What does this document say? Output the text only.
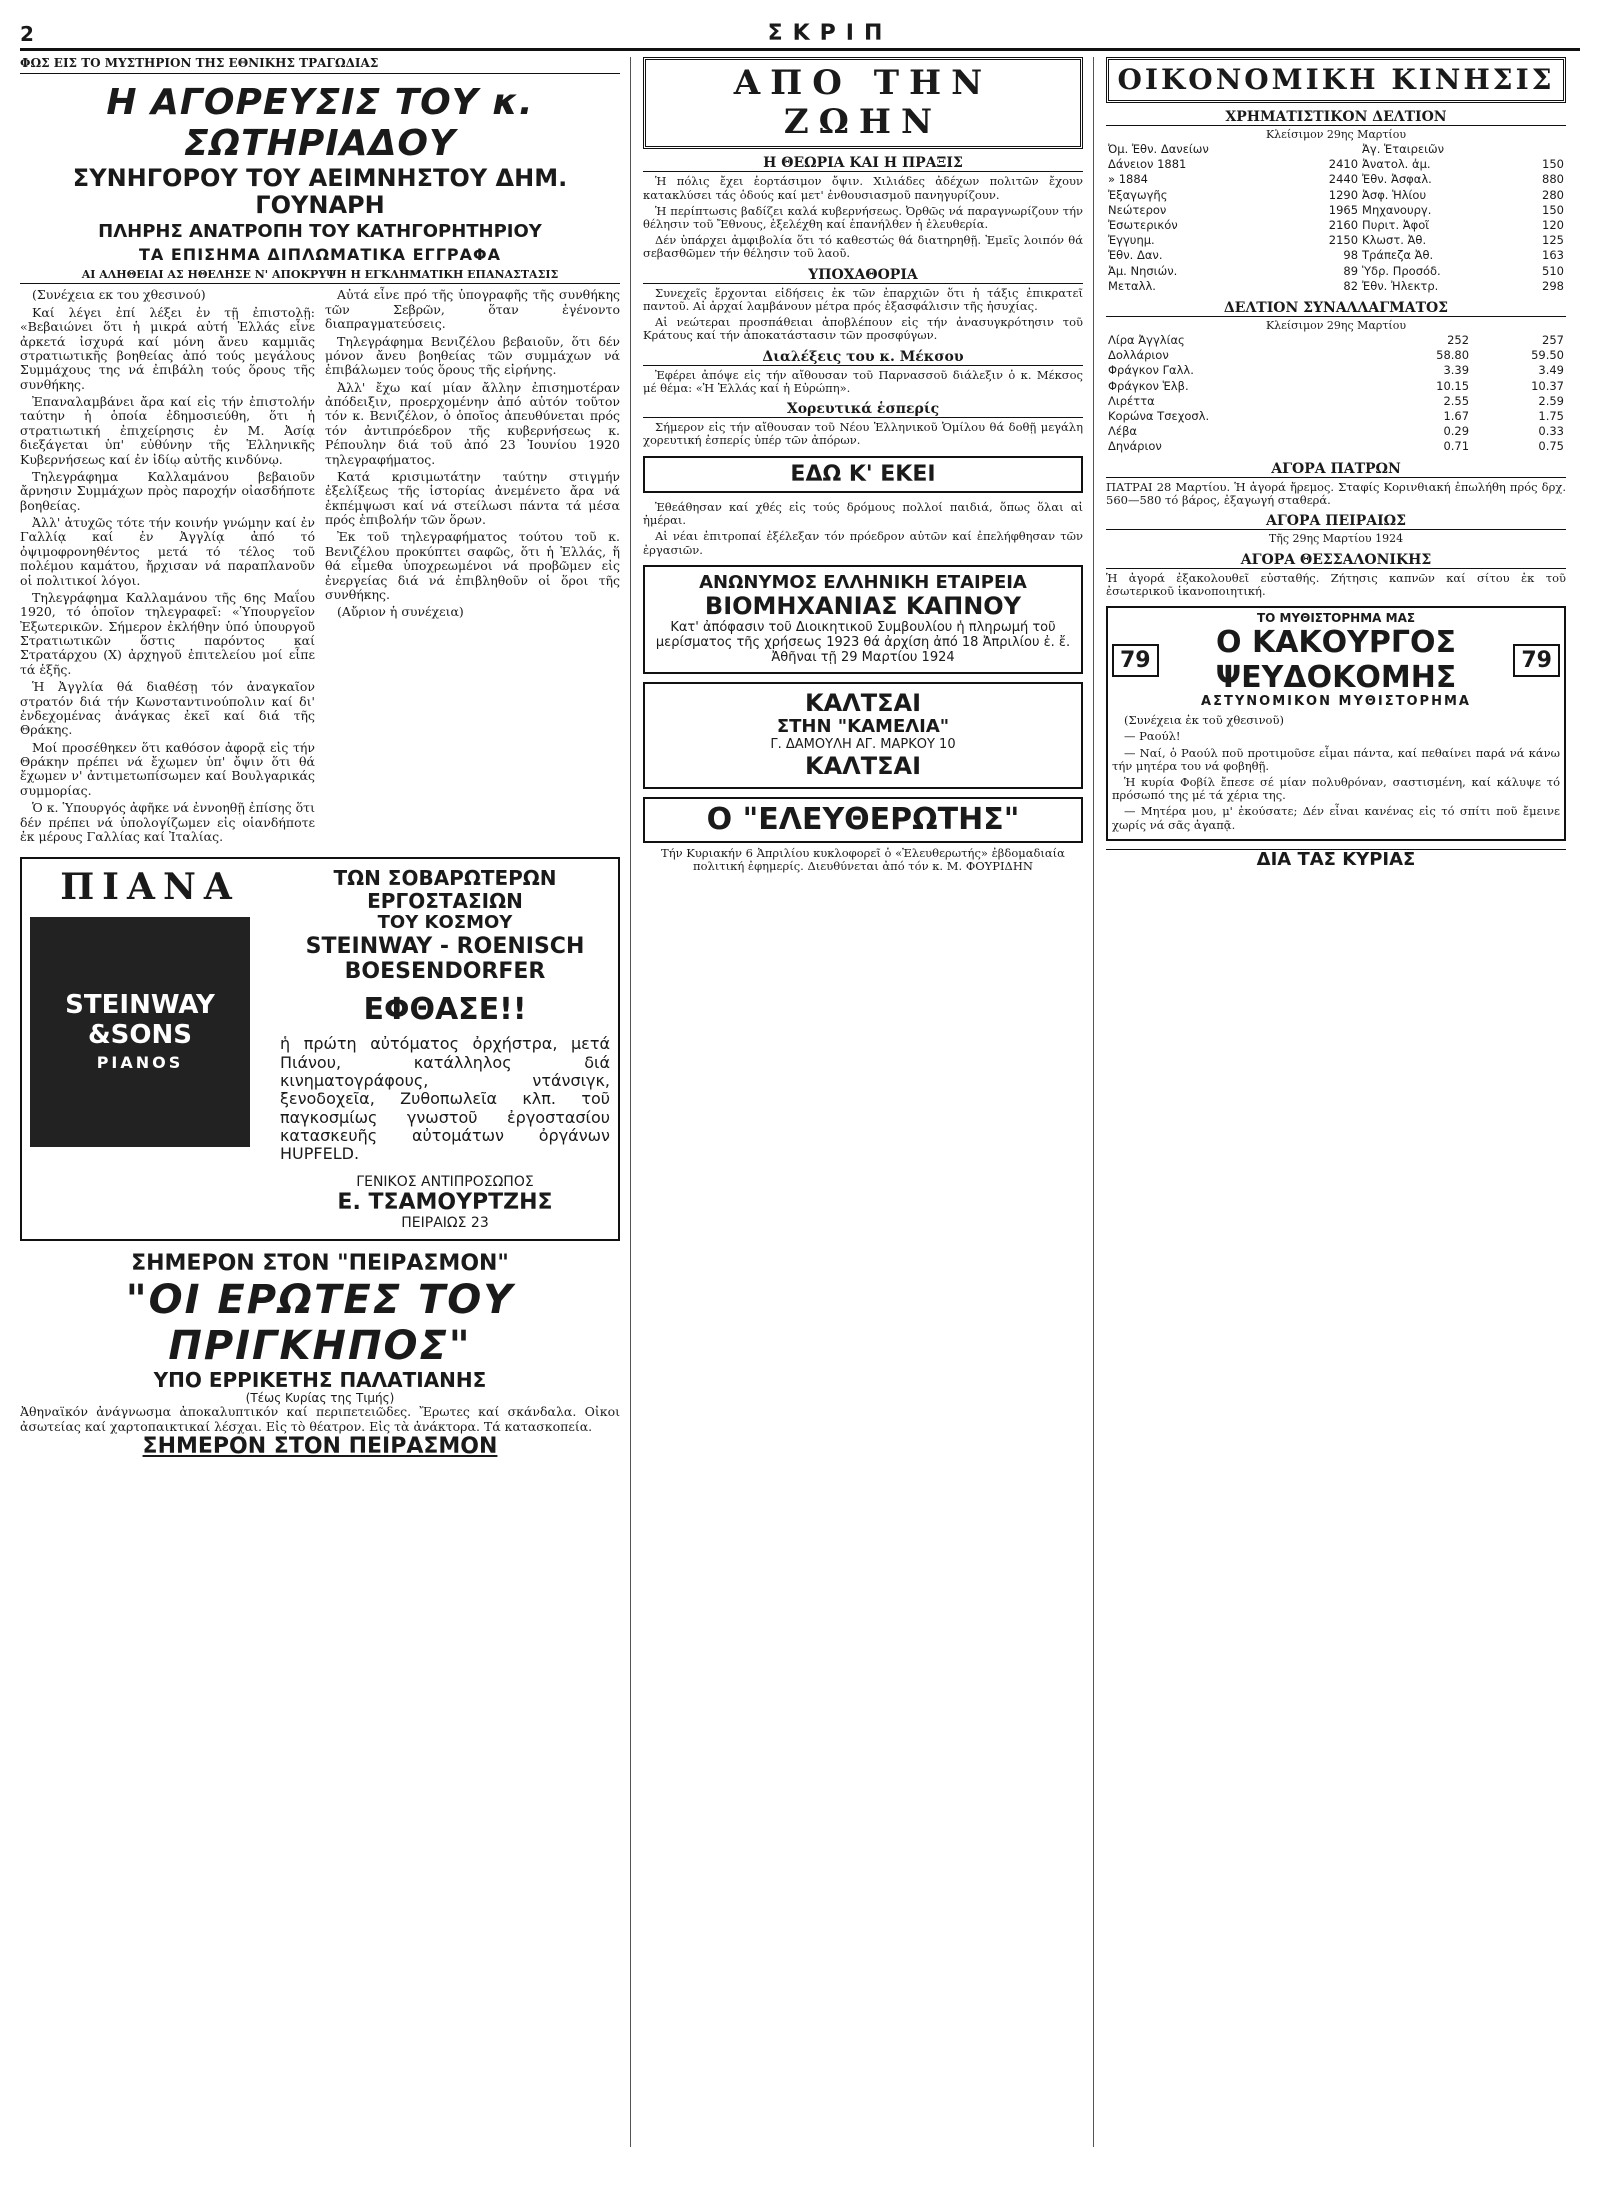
2	ΣΚΡΙΠ
ΦΩΣ ΕΙΣ ΤΟ ΜΥΣΤΗΡΙΟΝ ΤΗΣ ΕΘΝΙΚΗΣ ΤΡΑΓΩΔΙΑΣ
Η ΑΓΟΡΕΥΣΙΣ ΤΟΥ κ. ΣΩΤΗΡΙΑΔΟΥ
ΣΥΝΗΓΟΡΟΥ ΤΟΥ ΑΕΙΜΝΗΣΤΟΥ ΔΗΜ. ΓΟΥΝΑΡΗ
ΠΛΗΡΗΣ ΑΝΑΤΡΟΠΗ ΤΟΥ ΚΑΤΗΓΟΡΗΤΗΡΙΟΥ
ΤΑ ΕΠΙΣΗΜΑ ΔΙΠΛΩΜΑΤΙΚΑ ΕΓΓΡΑΦΑ
ΑΙ ΑΛΗΘΕΙΑΙ ΑΣ ΗΘΕΛΗΣΕ Ν' ΑΠΟΚΡΥΨΗ Η ΕΓΚΛΗΜΑΤΙΚΗ ΕΠΑΝΑΣΤΑΣΙΣ

(Συνέχεια εκ του χθεσινού)

Καί λέγει ἐπί λέξει ἐν τῇ ἐπιστολῇ: «Βεβαιώνει ὅτι ἡ μικρά αὐτή Ἑλλάς εἶνε ἀρκετά ἰσχυρά καί μόνη ἄνευ καμμιᾶς στρατιωτικῆς βοηθείας ἀπό τούς μεγάλους Συμμάχους της νά ἐπιβάλη τούς ὅρους τῆς συνθήκης.

Ἐπαναλαμβάνει ἄρα καί εἰς τήν ἐπιστολήν ταύτην ἡ ὁποία ἐδημοσιεύθη, ὅτι ἡ στρατιωτική ἐπιχείρησις ἐν Μ. Ἀσίᾳ διεξάγεται ὑπ' εὐθύνην τῆς Ἑλληνικῆς Κυβερνήσεως καί ἐν ἰδίῳ αὐτῆς κινδύνῳ.

Τηλεγράφημα Καλλαμάνου βεβαιοῦν ἄρνησιν Συμμάχων πρὸς παροχήν οἰασδήποτε βοηθείας.

Ἀλλ' ἀτυχῶς τότε τήν κοινήν γνώμην καί ἐν Γαλλίᾳ καί ἐν Ἀγγλίᾳ ἀπό τό ὀψιμοφρονηθέντος μετά τό τέλος τοῦ πολέμου καμάτου, ἤρχισαν νά παραπλανοῦν οἱ πολιτικοί λόγοι.

Τηλεγράφημα Καλλαμάνου τῆς 6ης Μαΐου 1920, τό ὁποῖον τηλεγραφεῖ: «Ὑπουργεῖον Ἐξωτερικῶν. Σήμερον ἐκλήθην ὑπό ὑπουργοῦ Στρατιωτικῶν ὅστις παρόντος καί Στρατάρχου (Χ) ἀρχηγοῦ ἐπιτελείου μοί εἶπε τά ἑξῆς.

Ἡ Ἀγγλία θά διαθέσῃ τόν ἀναγκαῖον στρατόν διά τήν Κωνσταντινούπολιν καί δι' ἐνδεχομένας ἀνάγκας ἐκεῖ καί διά τῆς Θράκης.

Μοί προσέθηκεν ὅτι καθόσον ἀφορᾷ εἰς τήν Θράκην πρέπει νά ἔχωμεν ὑπ' ὄψιν ὅτι θά ἔχωμεν ν' ἀντιμετωπίσωμεν καί Βουλγαρικάς συμμορίας.

Ὁ κ. Ὑπουργός ἀφῆκε νά ἐννοηθῇ ἐπίσης ὅτι δέν πρέπει νά ὑπολογίζωμεν εἰς οἱανδήποτε ἐκ μέρους Γαλλίας καί Ἰταλίας.

Αὐτά εἶνε πρό τῆς ὑπογραφῆς τῆς συνθήκης τῶν Σεβρῶν, ὅταν ἐγένοντο διαπραγματεύσεις.

Τηλεγράφημα Βενιζέλου βεβαιοῦν, ὅτι δέν μόνον ἄνευ βοηθείας τῶν συμμάχων νά ἐπιβάλωμεν τούς ὅρους τῆς εἰρήνης.

Ἀλλ' ἔχω καί μίαν ἄλλην ἐπισημοτέραν ἀπόδειξιν, προερχομένην ἀπό αὐτόν τοῦτον τόν κ. Βενιζέλον, ὁ ὁποῖος ἀπευθύνεται πρός τόν ἀντιπρόεδρον τῆς κυβερνήσεως κ. Ρέπουλην διά τοῦ ἀπό 23 Ἰουνίου 1920 τηλεγραφήματος.

Κατά κρισιμωτάτην ταύτην στιγμήν ἐξελίξεως τῆς ἱστορίας ἀνεμένετο ἄρα νά ἐκπέμψωσι καί νά στείλωσι πάντα τά μέσα πρός ἐπιβολήν τῶν ὅρων.

Ἐκ τοῦ τηλεγραφήματος τούτου τοῦ κ. Βενιζέλου προκύπτει σαφῶς, ὅτι ἡ Ἑλλάς, ἥ θά εἶμεθα ὑποχρεωμένοι νά προβῶμεν εἰς ἐνεργείας διά νά ἐπιβληθοῦν οἱ ὅροι τῆς συνθήκης.

(Αὔριον ἡ συνέχεια)

ΠΙΑΝΑ
STEINWAY
&SONS
PIANOS
ΤΩΝ ΣΟΒΑΡΩΤΕΡΩΝ ΕΡΓΟΣΤΑΣΙΩΝ
ΤΟΥ ΚΟΣΜΟΥ
STEINWAY - ROENISCH BOESENDORFER
ΕΦΘΑΣΕ!!
ἡ πρώτη αὐτόματος ὀρχήστρα, μετά Πιάνου, κατάλληλος διά κινηματογράφους, ντάνσιγκ, ξενοδοχεῖα, Ζυθοπωλεῖα κλπ. τοῦ παγκοσμίως γνωστοῦ ἐργοστασίου κατασκευῆς αὐτομάτων ὀργάνων HUPFELD.
ΓΕΝΙΚΟΣ ΑΝΤΙΠΡΟΣΩΠΟΣ
Ε. ΤΣΑΜΟΥΡΤΖΗΣ
ΠΕΙΡΑΙΩΣ 23
ΣΗΜΕΡΟΝ ΣΤΟΝ "ΠΕΙΡΑΣΜΟΝ"
"ΟΙ ΕΡΩΤΕΣ ΤΟΥ ΠΡΙΓΚΗΠΟΣ"
ΥΠΟ ΕΡΡΙΚΕΤΗΣ ΠΑΛΑΤΙΑΝΗΣ
(Τέως Κυρίας της Τιμής)
Ἀθηναϊκόν ἀνάγνωσμα ἀποκαλυπτικόν καί περιπετειῶδες. Ἔρωτες καί σκάνδαλα. Οἰκοι ἀσωτείας καί χαρτοπαικτικαί λέσχαι. Εἰς τὸ θέατρον. Εἰς τὰ ἀνάκτορα. Τά κατασκοπεία.
ΣΗΜΕΡΟΝ ΣΤΟΝ ΠΕΙΡΑΣΜΟΝ
ΑΠΟ ΤΗΝ ΖΩΗΝ
Η ΘΕΩΡΙΑ ΚΑΙ Η ΠΡΑΞΙΣ

Ἡ πόλις ἔχει ἑορτάσιμον ὄψιν. Χιλιάδες ἀδέχων πολιτῶν ἔχουν κατακλύσει τάς ὁδούς καί μετ' ἐνθουσιασμοῦ πανηγυρίζουν.

Ἡ περίπτωσις βαδίζει καλά κυβερνήσεως. Ὀρθῶς νά παραγνωρίζουν τήν θέλησιν τοῦ Ἔθνους, ἐξελέχθη καί ἐπανήλθεν ἡ ἐλευθερία.

Δέν ὑπάρχει ἀμφιβολία ὅτι τό καθεστώς θά διατηρηθῇ. Ἐμεῖς λοιπόν θά σεβασθῶμεν τήν θέλησιν τοῦ λαοῦ.

ΥΠΟΧΑΘΟΡΙΑ

Συνεχεῖς ἔρχονται εἰδήσεις ἐκ τῶν ἐπαρχιῶν ὅτι ἡ τάξις ἐπικρατεῖ παντοῦ. Αἱ ἀρχαί λαμβάνουν μέτρα πρός ἐξασφάλισιν τῆς ἡσυχίας.

Αἱ νεώτεραι προσπάθειαι ἀποβλέπουν εἰς τήν ἀνασυγκρότησιν τοῦ Κράτους καί τήν ἀποκατάστασιν τῶν προσφύγων.

Διαλέξεις του κ. Μέκσου

Ἐφέρει ἀπόψε εἰς τήν αἴθουσαν τοῦ Παρνασσοῦ διάλεξιν ὁ κ. Μέκσος μέ θέμα: «Ἡ Ἑλλάς καί ἡ Εὐρώπη».

Χορευτικά ἑσπερίς

Σήμερον εἰς τήν αἴθουσαν τοῦ Νέου Ἑλληνικοῦ Ὁμίλου θά δοθῇ μεγάλη χορευτική ἑσπερίς ὑπέρ τῶν ἀπόρων.

ΕΔΩ Κ' ΕΚΕΙ

Ἐθεάθησαν καί χθές εἰς τούς δρόμους πολλοί παιδιά, ὅπως ὅλαι αἱ ἡμέραι.

Αἱ νέαι ἐπιτροπαί ἐξέλεξαν τόν πρόεδρον αὐτῶν καί ἐπελήφθησαν τῶν ἐργασιῶν.

ΑΝΩΝΥΜΟΣ ΕΛΛΗΝΙΚΗ ΕΤΑΙΡΕΙΑ
ΒΙΟΜΗΧΑΝΙΑΣ ΚΑΠΝΟΥ
Κατ' ἀπόφασιν τοῦ Διοικητικοῦ Συμβουλίου ἡ πληρωμή τοῦ μερίσματος τῆς χρήσεως 1923 θά ἀρχίση ἀπό 18 Ἀπριλίου ἐ. ἔ.
Ἀθῆναι τῇ 29 Μαρτίου 1924
ΚΑΛΤΣΑΙ
ΣΤΗΝ "ΚΑΜΕΛΙΑ"
Γ. ΔΑΜΟΥΛΗ ΑΓ. ΜΑΡΚΟΥ 10
ΚΑΛΤΣΑΙ
Ο "ΕΛΕΥΘΕΡΩΤΗΣ"
Τήν Κυριακήν 6 Ἀπριλίου κυκλοφορεῖ ὁ «Ἐλευθερωτής» ἐβδομαδιαία πολιτική ἐφημερίς. Διευθύνεται ἀπό τόν κ. Μ. ΦΟΥΡΙΔΗΝ
ΟΙΚΟΝΟΜΙΚΗ ΚΙΝΗΣΙΣ
ΧΡΗΜΑΤΙΣΤΙΚΟΝ ΔΕΛΤΙΟΝ
Κλείσιμον 29ης Μαρτίου
Ὀμ. Ἐθν. Δανείων		Ἀγ. Ἑταιρειῶν	
Δάνειον 1881	2410	Ἀνατολ. ἀμ.	150
» 1884	2440	Ἐθν. Ἀσφαλ.	880
Ἐξαγωγῆς	1290	Ἀσφ. Ἡλίου	280
Νεώτερον	1965	Μηχανουργ.	150
Ἐσωτερικόν	2160	Πυριτ. Ἀφοῖ	120
Ἐγγυημ.	2150	Κλωστ. Ἀθ.	125
Ἐθν. Δαν.	98	Τράπεζα Ἀθ.	163
Ἀμ. Νησιών.	89	Ὑδρ. Προσόδ.	510
Μεταλλ.	82	Ἐθν. Ἠλεκτρ.	298
ΔΕΛΤΙΟΝ ΣΥΝΑΛΛΑΓΜΑΤΟΣ
Κλείσιμον 29ης Μαρτίου
Λίρα Ἀγγλίας	252	257
Δολλάριον	58.80	59.50
Φράγκον Γαλλ.	3.39	3.49
Φράγκον Ἑλβ.	10.15	10.37
Λιρέττα	2.55	2.59
Κορώνα Τσεχοσλ.	1.67	1.75
Λέβα	0.29	0.33
Δηνάριον	0.71	0.75
ΑΓΟΡΑ ΠΑΤΡΩΝ
ΠΑΤΡΑΙ 28 Μαρτίου. Ἡ ἀγορά ἤρεμος. Σταφίς Κορινθιακή ἐπωλήθη πρός δρχ. 560—580 τό βάρος, ἐξαγωγή σταθερά.
ΑΓΟΡΑ ΠΕΙΡΑΙΩΣ
Τῆς 29ης Μαρτίου 1924
ΑΓΟΡΑ ΘΕΣΣΑΛΟΝΙΚΗΣ
Ἡ ἀγορά ἐξακολουθεῖ εὐσταθής. Ζήτησις καπνῶν καί σίτου ἐκ τοῦ ἐσωτερικοῦ ἱκανοποιητική.
ΤΟ ΜΥΘΙΣΤΟΡΗΜΑ ΜΑΣ
79
Ο ΚΑΚΟΥΡΓΟΣ ΨΕΥΔΟΚΟΜΗΣ	79
ΑΣΤΥΝΟΜΙΚΟΝ ΜΥΘΙΣΤΟΡΗΜΑ

(Συνέχεια ἐκ τοῦ χθεσινοῦ)

— Ραούλ!

— Ναί, ὁ Ραούλ ποῦ προτιμοῦσε εἶμαι πάντα, καί πεθαίνει παρά νά κάνω τήν μητέρα του νά φοβηθῇ.

Ἡ κυρία Φοβίλ ἔπεσε σέ μίαν πολυθρόναν, σαστισμένη, καί κάλυψε τό πρόσωπό της μέ τά χέρια της.

— Μητέρα μου, μ' ἐκούσατε; Δέν εἶναι κανένας εἰς τό σπίτι ποῦ ἔμεινε χωρίς νά σᾶς ἀγαπᾷ.

ΔΙΑ ΤΑΣ ΚΥΡΙΑΣ
